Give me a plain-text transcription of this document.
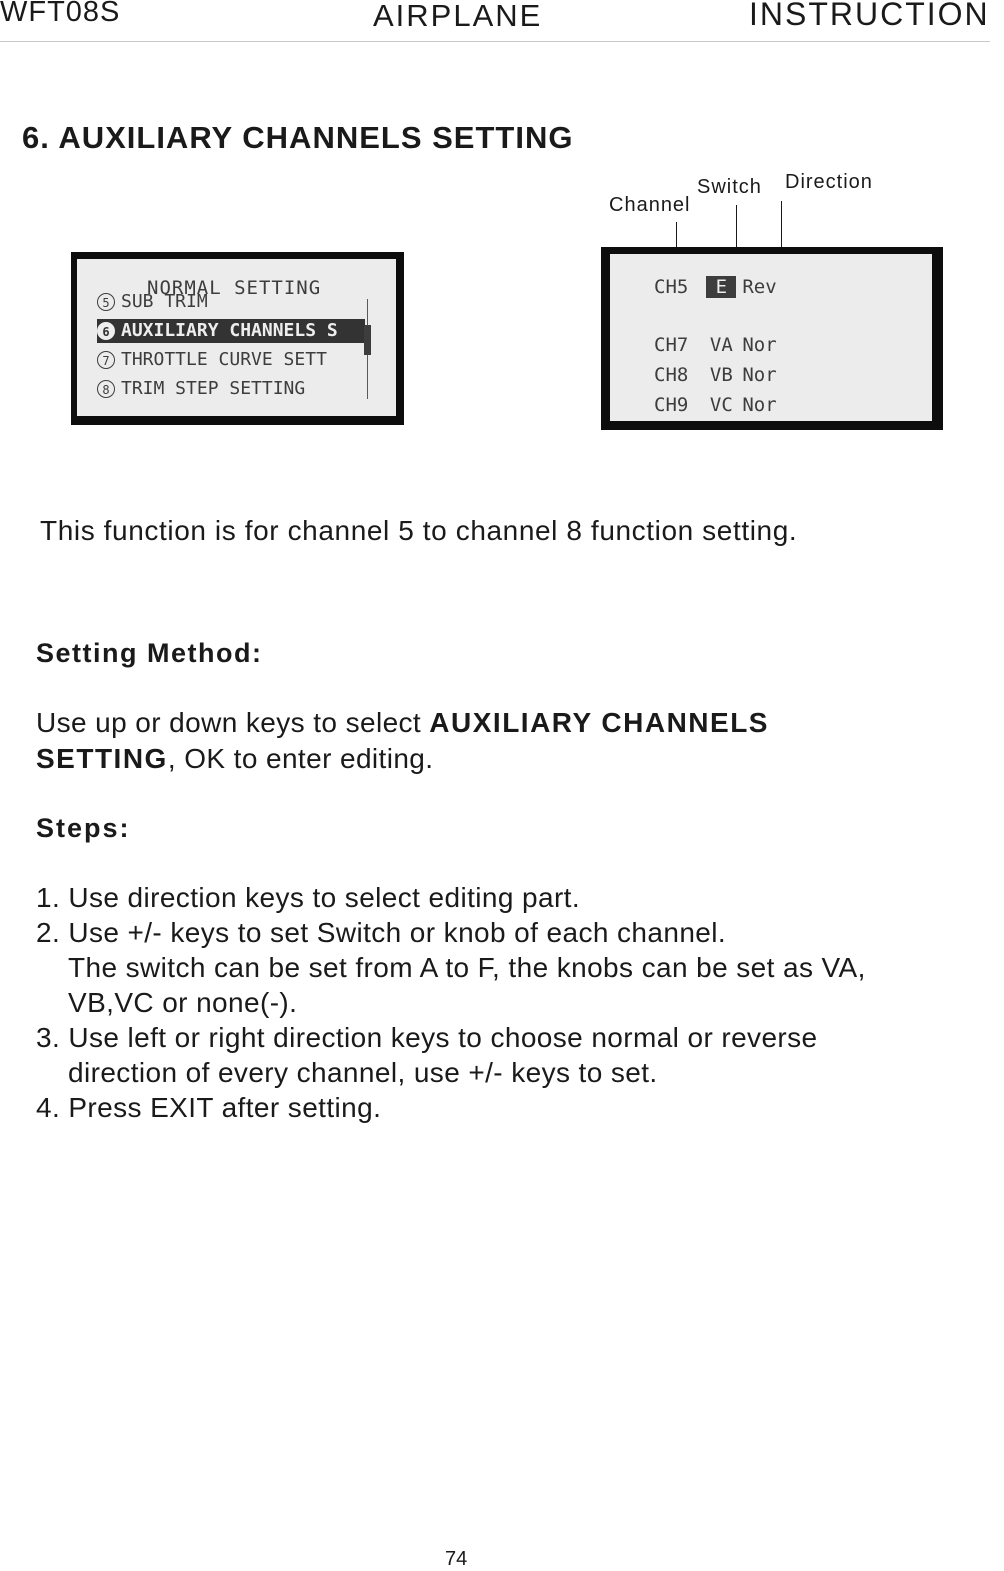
WFT08S	AIRPLANE	INSTRUCTION
6. AUXILIARY CHANNELS SETTING
NORMAL SETTING
5 SUB TRIM
6 AUXILIARY CHANNELS S
7 THROTTLE CURVE SETT
8 TRIM STEP SETTING
Channel
Switch Direction
CH5 E Rev
CH7 VA Nor
CH8 VB Nor
CH9 VC Nor
This function is for channel 5 to channel 8 function setting.
Setting Method:
Use up or down keys to select AUXILIARY CHANNELS
SETTING, OK to enter editing.
Steps:
1. Use direction keys to select editing part.
2. Use +/- keys to set Switch or knob of each channel.
The switch can be set from A to F, the knobs can be set as VA,
VB,VC or none(-).
3. Use left or right direction keys to choose normal or reverse
direction of every channel, use +/- keys to set.
4. Press EXIT after setting.
74
